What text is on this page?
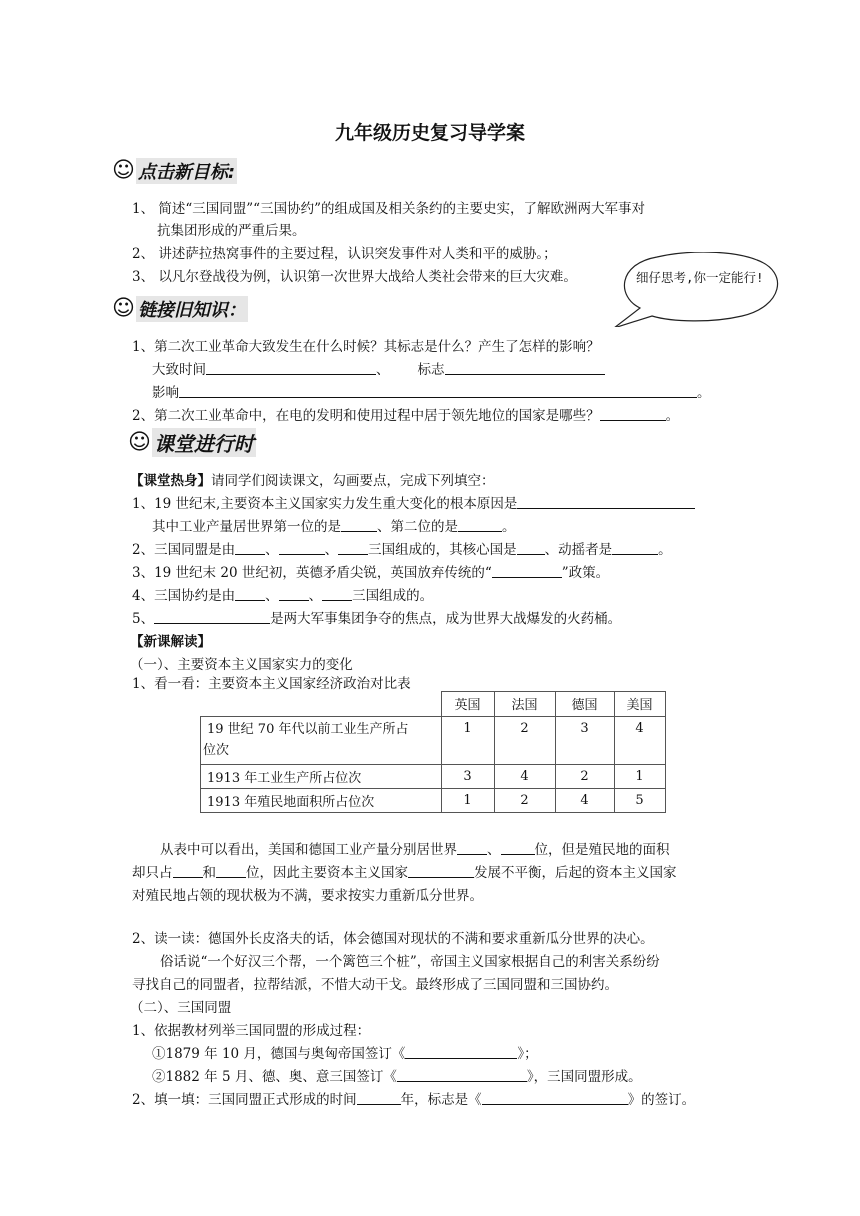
九年级历史复习导学案
☺ 点击新目标:
1、 简述“三国同盟”“三国协约”的组成国及相关条约的主要史实，了解欧洲两大军事对
抗集团形成的严重后果。
2、 讲述萨拉热窝事件的主要过程，认识突发事件对人类和平的威胁。；
3、 以凡尔登战役为例，认识第一次世界大战给人类社会带来的巨大灾难。	细仔思考,你一定能行!
☺ 链接旧知识：
1、第二次工业革命大致发生在什么时候？其标志是什么？产生了怎样的影响？
大致时间	、 标志
影响	。
2、第二次工业革命中，在电的发明和使用过程中居于领先地位的国家是哪些？	。
☺ 课堂进行时
【课堂热身】请同学们阅读课文，勾画要点，完成下列填空：
1、19 世纪末,主要资本主义国家实力发生重大变化的根本原因是
其中工业产量居世界第一位的是	、第二位的是	。
2、三国同盟是由 、	、 三国组成的，其核心国是 、动摇者是	。
3、19 世纪末 20 世纪初，英德矛盾尖锐，英国放弃传统的“	”政策。
4、三国协约是由 、 、 三国组成的。
5、	是两大军事集团争夺的焦点，成为世界大战爆发的火药桶。
【新课解读】
（一）、主要资本主义国家实力的变化
1、看一看：主要资本主义国家经济政治对比表
	英国	法国	德国	美国

19 世纪 70 年代以前工业生产所占
位次	1	2	3	4
1913 年工业生产所占位次	3	4	2	1
1913 年殖民地面积所占位次	1	2	4	5
从表中可以看出，美国和德国工业产量分别居世界 、	位，但是殖民地的面积
却只占 和 位，因此主要资本主义国家	发展不平衡，后起的资本主义国家
对殖民地占领的现状极为不满，要求按实力重新瓜分世界。
2、读一读：德国外长皮洛夫的话，体会德国对现状的不满和要求重新瓜分世界的决心。
俗话说“一个好汉三个帮，一个篱笆三个桩”，帝国主义国家根据自己的利害关系纷纷
寻找自己的同盟者，拉帮结派，不惜大动干戈。最终形成了三国同盟和三国协约。
（二）、三国同盟
1、依据教材列举三国同盟的形成过程：
①1879 年 10 月，德国与奥匈帝国签订《	》；
②1882 年 5 月、德、奥、意三国签订《	》，三国同盟形成。
2、填一填：三国同盟正式形成的时间	年，标志是《	》的签订。
